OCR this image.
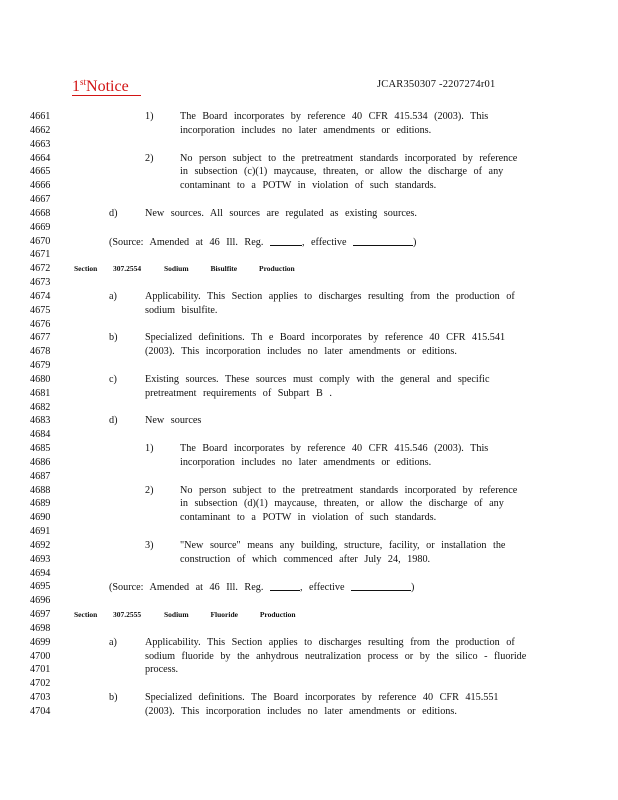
1stNotice	JCAR350307 -2207274r01
4661	1)	The Board incorporates by reference 40 CFR 415.534 (2003). This
4662	incorporation includes no later amendments or editions.
4663
4664	2)	No person subject to the pretreatment standards incorporated by reference
4665	in subsection (c)(1) maycause, threaten, or allow the discharge of any
4666	contaminant to a POTW in violation of such standards.
4667
4668	d)	New sources. All sources are regulated as existing sources.
4669
4670	(Source: Amended at 46 Ill. Reg.	, effective	)
4671
4672	Section 307.2554	Sodium Bisulfite Production
4673
4674	a)	Applicability. This Section applies to discharges resulting from the production of
4675	sodium bisulfite.
4676
4677	b)	Specialized definitions. Th e Board incorporates by reference 40 CFR 415.541
4678	(2003). This incorporation includes no later amendments or editions.
4679
4680	c)	Existing sources. These sources must comply with the general and specific
4681	pretreatment requirements of Subpart B .
4682
4683	d)	New sources
4684
4685	1)	The Board incorporates by reference 40 CFR 415.546 (2003). This
4686	incorporation includes no later amendments or editions.
4687
4688	2)	No person subject to the pretreatment standards incorporated by reference
4689	in subsection (d)(1) maycause, threaten, or allow the discharge of any
4690	contaminant to a POTW in violation of such standards.
4691
4692	3)	"New source" means any building, structure, facility, or installation the
4693	construction of which commenced after July 24, 1980.
4694
4695	(Source: Amended at 46 Ill. Reg.	, effective	)
4696
4697	Section 307.2555	Sodium Fluoride Production
4698
4699	a)	Applicability. This Section applies to discharges resulting from the production of
4700	sodium fluoride by the anhydrous neutralization process or by the silico - fluoride
4701	process.
4702
4703	b)	Specialized definitions. The Board incorporates by reference 40 CFR 415.551
4704	(2003). This incorporation includes no later amendments or editions.
